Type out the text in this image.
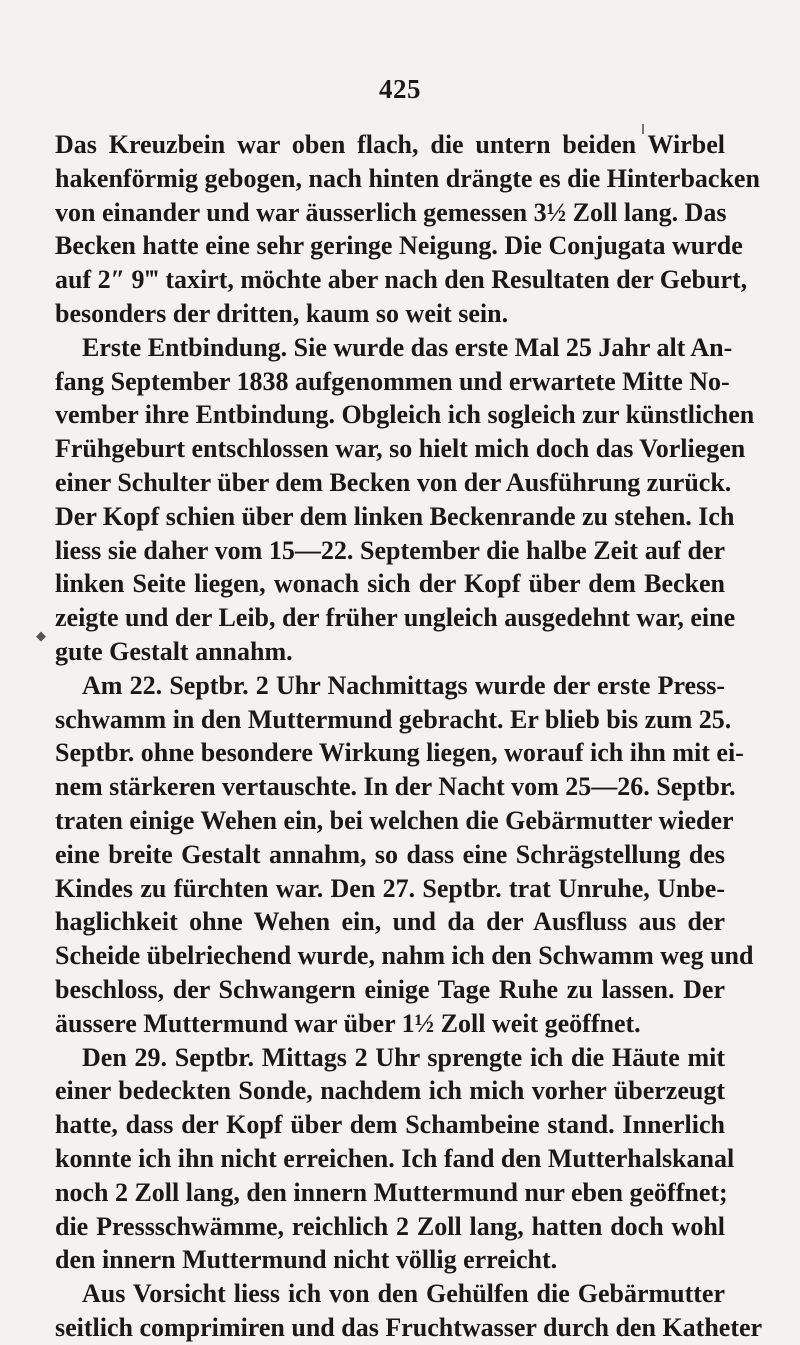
◆
425
Das Kreuzbein war oben flach, die untern beiden Wirbel
hakenförmig gebogen, nach hinten drängte es die Hinterbacken
von einander und war äusserlich gemessen 3½ Zoll lang. Das
Becken hatte eine sehr geringe Neigung. Die Conjugata wurde
auf 2″ 9‴ taxirt, möchte aber nach den Resultaten der Geburt,
besonders der dritten, kaum so weit sein.
Erste Entbindung. Sie wurde das erste Mal 25 Jahr alt An-
fang September 1838 aufgenommen und erwartete Mitte No-
vember ihre Entbindung. Obgleich ich sogleich zur künstlichen
Frühgeburt entschlossen war, so hielt mich doch das Vorliegen
einer Schulter über dem Becken von der Ausführung zurück.
Der Kopf schien über dem linken Beckenrande zu stehen. Ich
liess sie daher vom 15—22. September die halbe Zeit auf der
linken Seite liegen, wonach sich der Kopf über dem Becken
zeigte und der Leib, der früher ungleich ausgedehnt war, eine
gute Gestalt annahm.
Am 22. Septbr. 2 Uhr Nachmittags wurde der erste Press-
schwamm in den Muttermund gebracht. Er blieb bis zum 25.
Septbr. ohne besondere Wirkung liegen, worauf ich ihn mit ei-
nem stärkeren vertauschte. In der Nacht vom 25—26. Septbr.
traten einige Wehen ein, bei welchen die Gebärmutter wieder
eine breite Gestalt annahm, so dass eine Schrägstellung des
Kindes zu fürchten war. Den 27. Septbr. trat Unruhe, Unbe-
haglichkeit ohne Wehen ein, und da der Ausfluss aus der
Scheide übelriechend wurde, nahm ich den Schwamm weg und
beschloss, der Schwangern einige Tage Ruhe zu lassen. Der
äussere Muttermund war über 1½ Zoll weit geöffnet.
Den 29. Septbr. Mittags 2 Uhr sprengte ich die Häute mit
einer bedeckten Sonde, nachdem ich mich vorher überzeugt
hatte, dass der Kopf über dem Schambeine stand. Innerlich
konnte ich ihn nicht erreichen. Ich fand den Mutterhalskanal
noch 2 Zoll lang, den innern Muttermund nur eben geöffnet;
die Pressschwämme, reichlich 2 Zoll lang, hatten doch wohl
den innern Muttermund nicht völlig erreicht.
Aus Vorsicht liess ich von den Gehülfen die Gebärmutter
seitlich comprimiren und das Fruchtwasser durch den Katheter
